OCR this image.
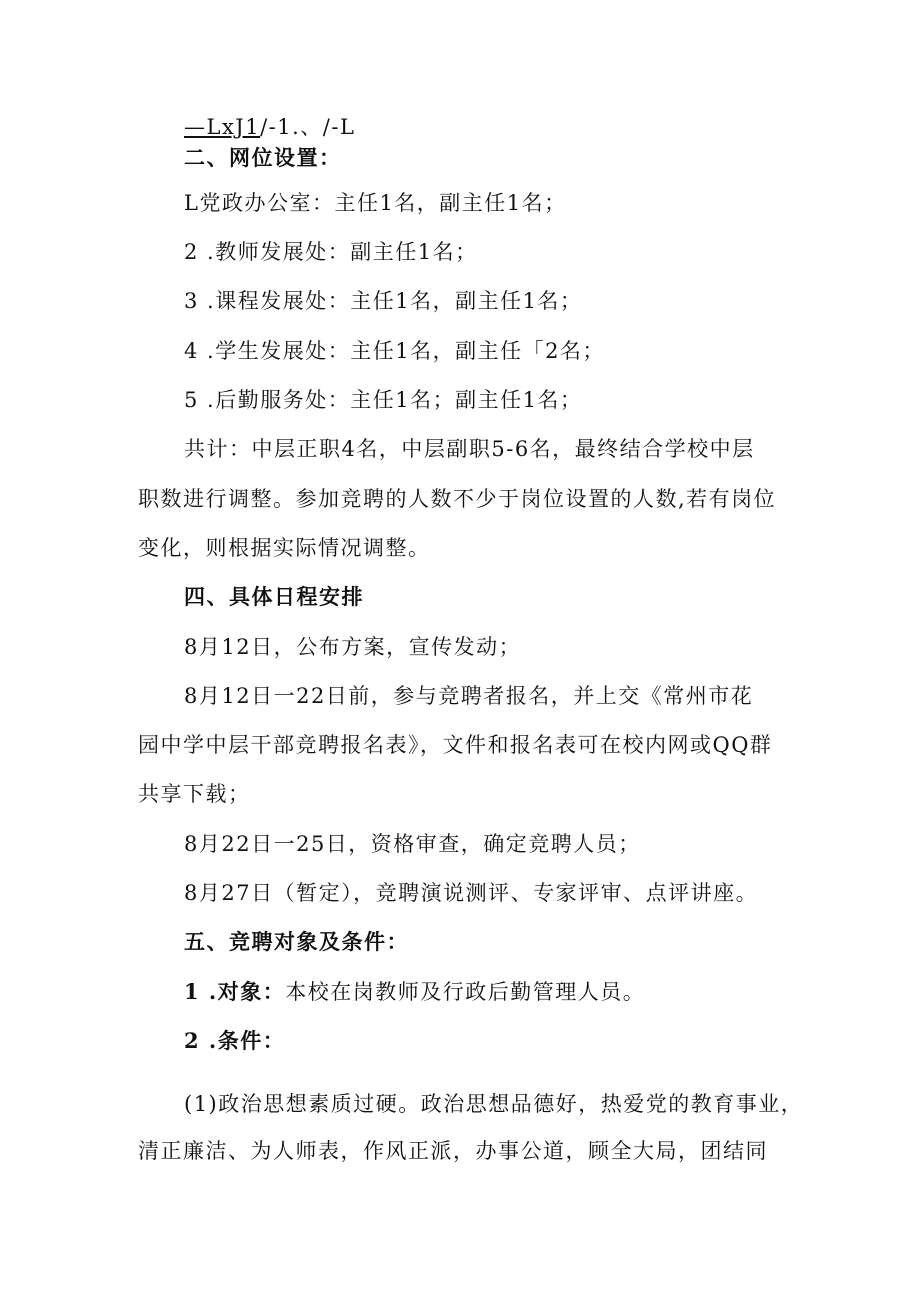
—LxJ1/-1.、/-L
二、网位设置：
L党政办公室：主任1名，副主任1名；
2 .教师发展处：副主任1名；
3 .课程发展处：主任1名，副主任1名；
4 .学生发展处：主任1名，副主任「2名；
5 .后勤服务处：主任1名；副主任1名；
共计：中层正职4名，中层副职5-6名，最终结合学校中层
职数进行调整。参加竞聘的人数不少于岗位设置的人数,若有岗位
变化，则根据实际情况调整。
四、具体日程安排
8月12日，公布方案，宣传发动；
8月12日一22日前，参与竞聘者报名，并上交《常州市花
园中学中层干部竞聘报名表》，文件和报名表可在校内网或QQ群
共享下载；
8月22日一25日，资格审查，确定竞聘人员；
8月27日（暂定），竞聘演说测评、专家评审、点评讲座。
五、竞聘对象及条件：
1 .对象：本校在岗教师及行政后勤管理人员。
2 .条件：
(1)政治思想素质过硬。政治思想品德好，热爱党的教育事业，
清正廉洁、为人师表，作风正派，办事公道，顾全大局，团结同
